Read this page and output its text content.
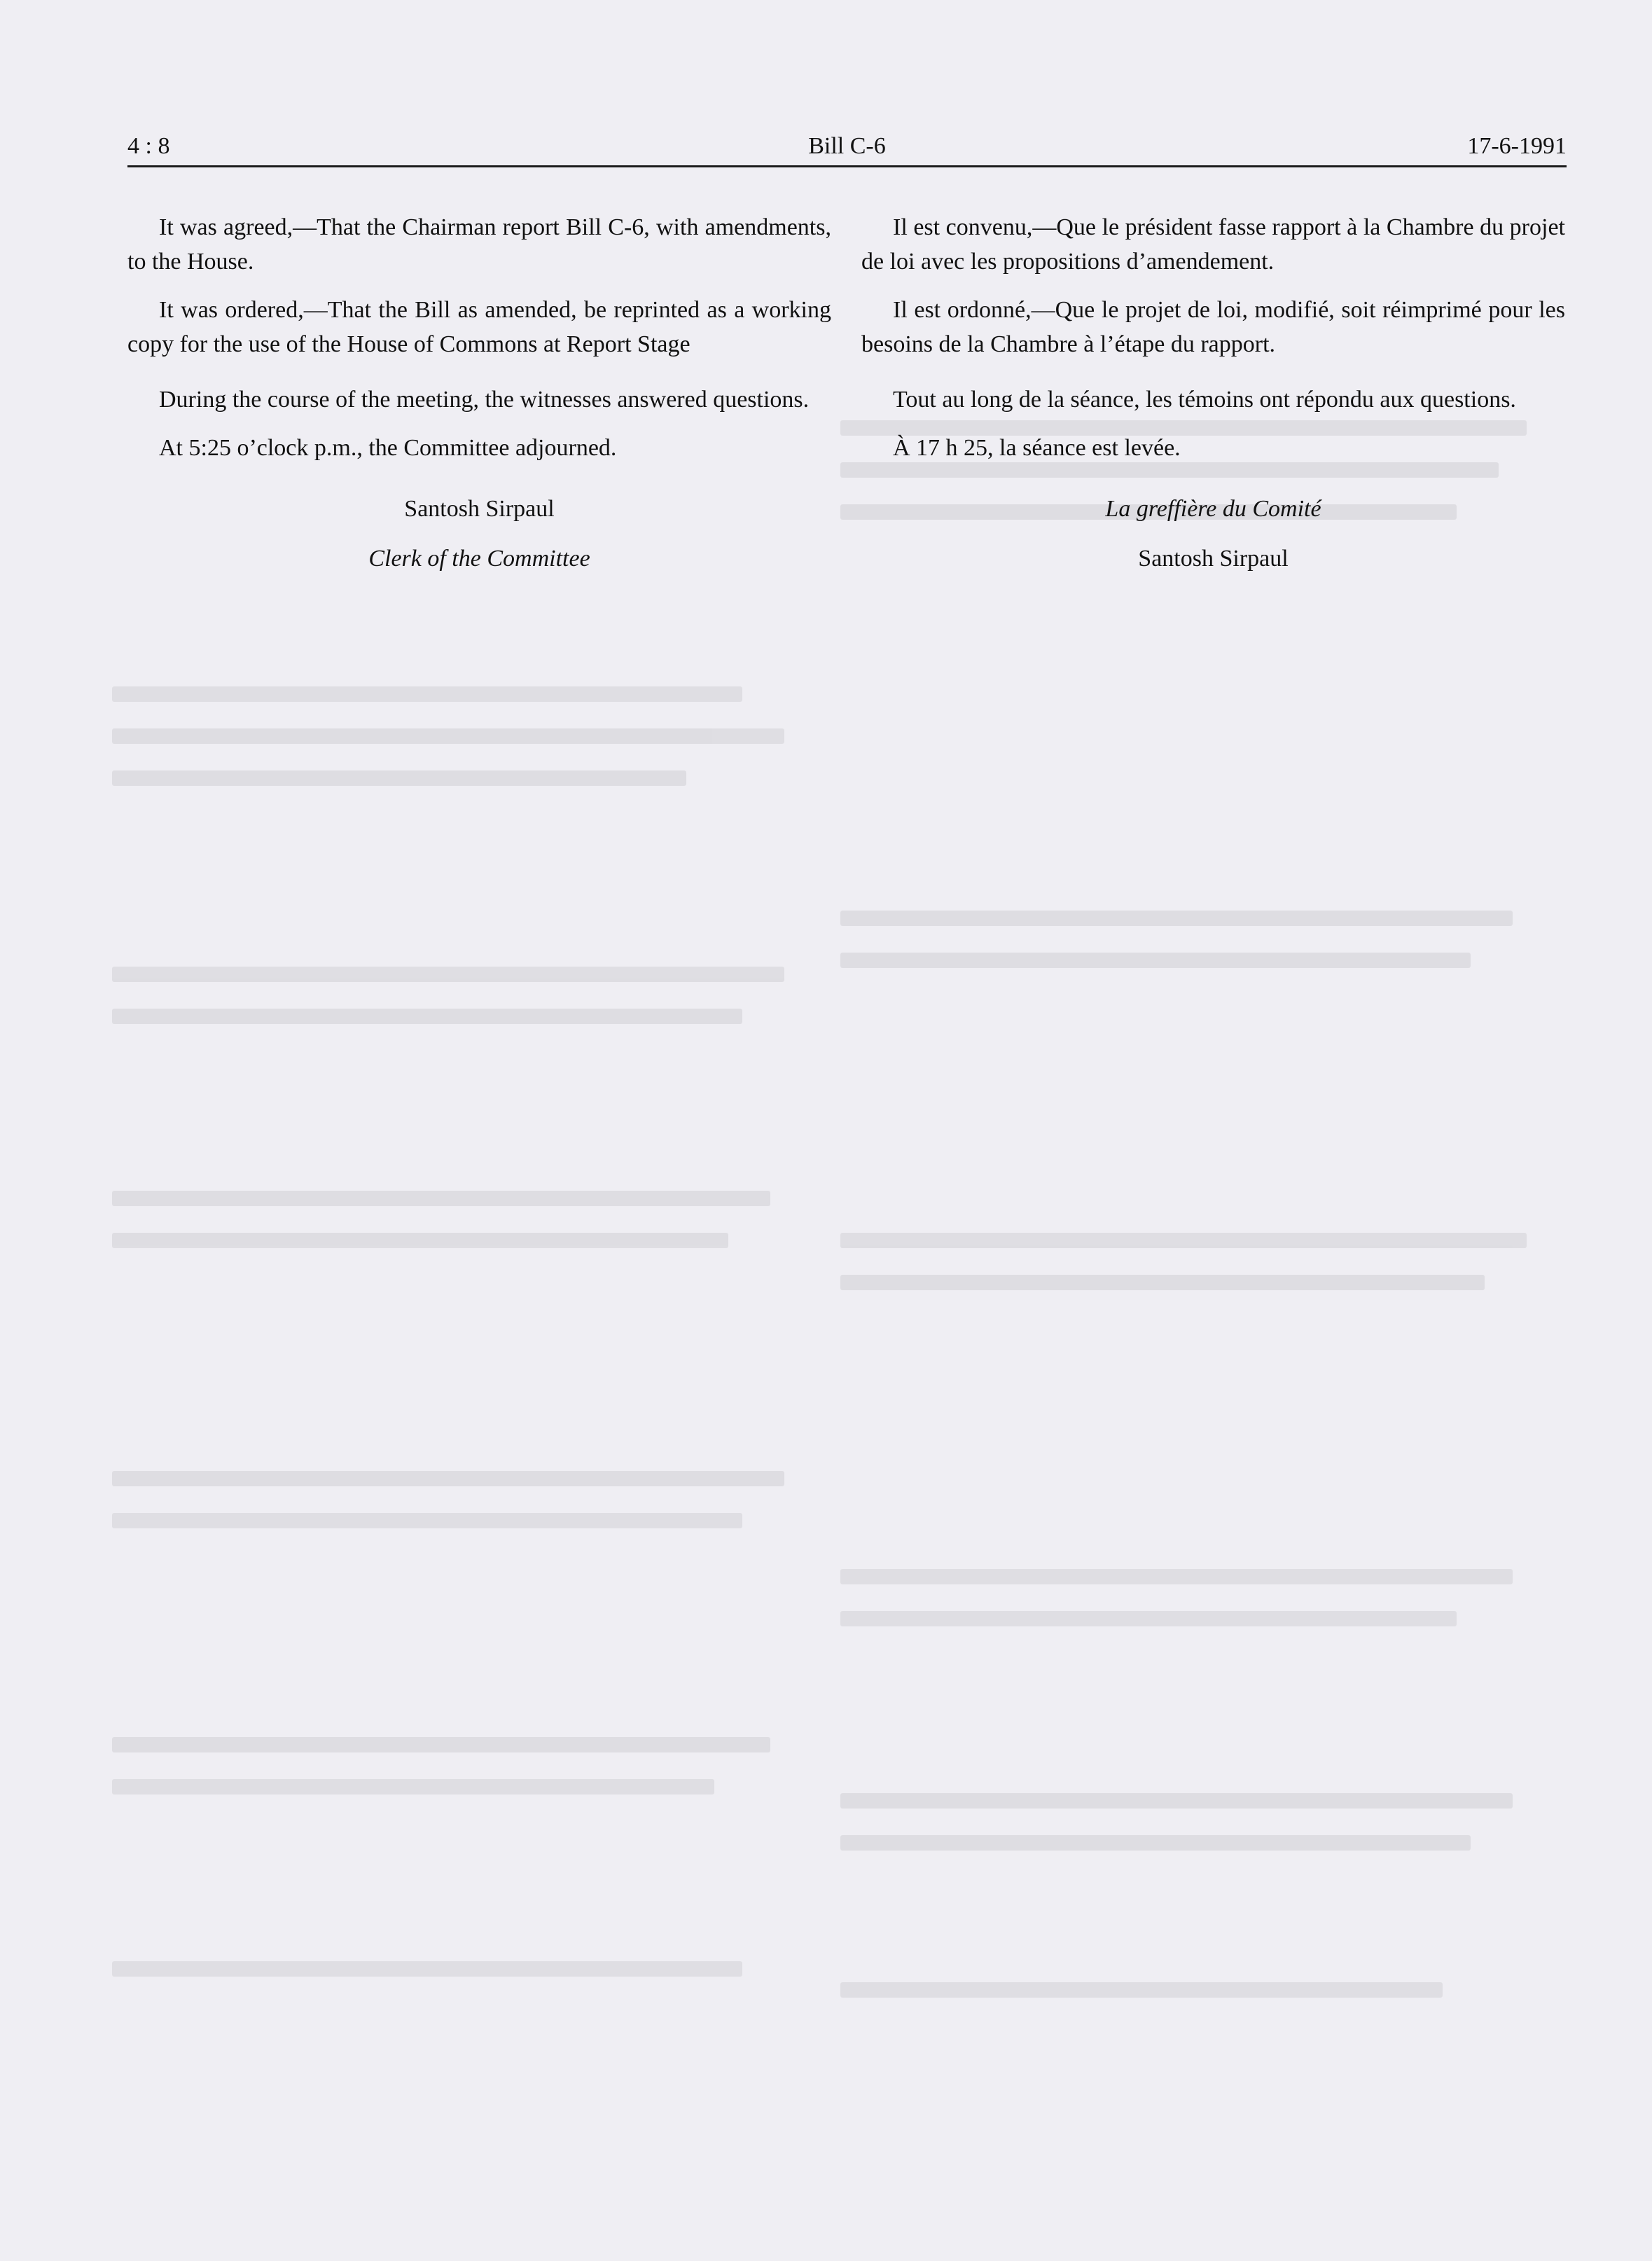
4 : 8	Bill C-6	17-6-1991

It was agreed,—That the Chairman report Bill C-6, with amendments, to the House.

It was ordered,—That the Bill as amended, be reprinted as a working copy for the use of the House of Commons at Report Stage

During the course of the meeting, the witnesses answered questions.

At 5:25 o’clock p.m., the Committee adjourned.

Santosh Sirpaul
Clerk of the Committee

Il est convenu,—Que le président fasse rapport à la Chambre du projet de loi avec les propositions d’amendement.

Il est ordonné,—Que le projet de loi, modifié, soit réimprimé pour les besoins de la Chambre à l’étape du rapport.

Tout au long de la séance, les témoins ont répondu aux questions.

À 17 h 25, la séance est levée.

La greffière du Comité
Santosh Sirpaul
